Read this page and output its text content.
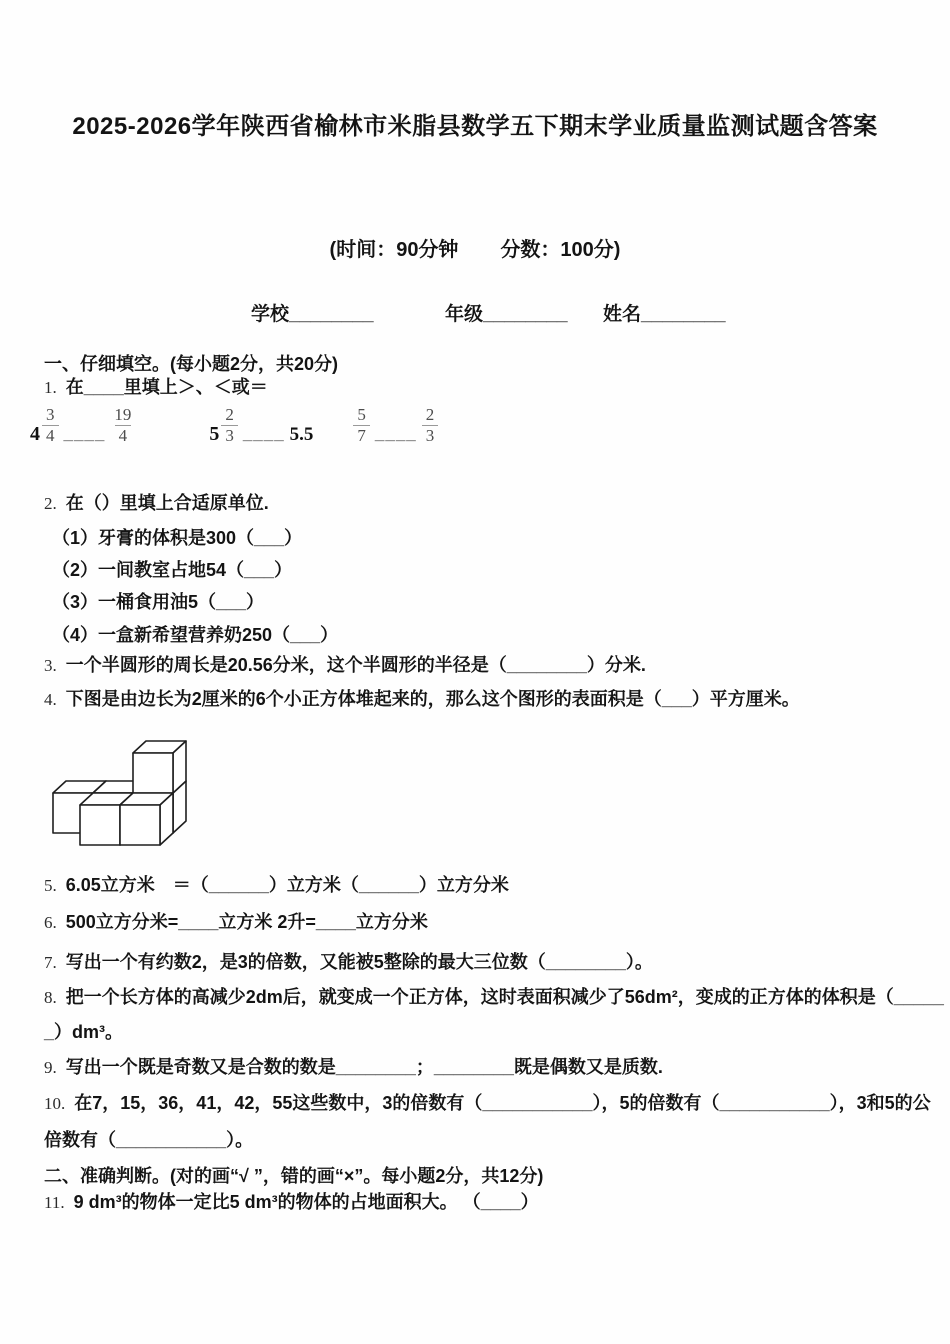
2025-2026学年陕西省榆林市米脂县数学五下期末学业质量监测试题含答案
(时间：90分钟 分数：100分)
学校________	年级________ 姓名________
一、仔细填空。(每小题2分，共20分)
1. 在____里填上＞、＜或＝
$4 \frac{3}{4}$ ____ $\frac{19}{4}$	$5 \frac{2}{3}$ ____ $5.5 \frac{5}{7}$ ____ $\frac{2}{3}$
2. 在（）里填上合适原单位.
（1）牙膏的体积是300（___）
（2）一间教室占地54（___）
（3）一桶食用油5（___）
（4）一盒新希望营养奶250（___）
3. 一个半圆形的周长是20.56分米，这个半圆形的半径是（________）分米.
4. 下图是由边长为2厘米的6个小正方体堆起来的，那么这个图形的表面积是（___）平方厘米。
5. 6.05立方米　＝（______）立方米（______）立方分米
6. 500立方分米=____立方米 2升=____立方分米
7. 写出一个有约数2，是3的倍数，又能被5整除的最大三位数（________）。
8. 把一个长方体的高减少2dm后，就变成一个正方体，这时表面积减少了56dm²，变成的正方体的体积是（_____
_）dm³。
9. 写出一个既是奇数又是合数的数是________；________既是偶数又是质数.
10. 在7，15，36，41，42，55这些数中，3的倍数有（___________），5的倍数有（___________），3和5的公
倍数有（___________）。
二、准确判断。(对的画“√ ”，错的画“×”。每小题2分，共12分)
11. 9 dm³的物体一定比5 dm³的物体的占地面积大。 （____）
